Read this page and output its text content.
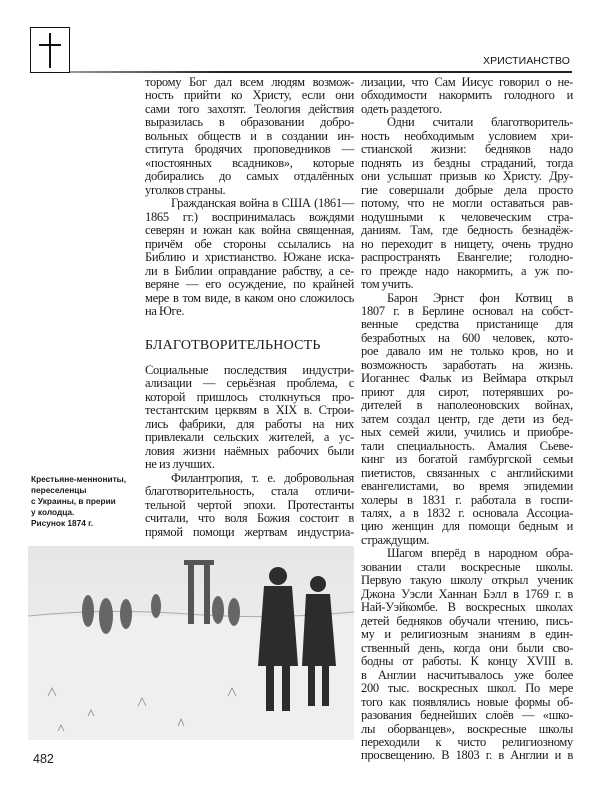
ХРИСТИАНСТВО
торому Бог дал всем людям возмож-
ность прийти ко Христу, если они
сами того захотят. Теология действия
выразилась в образовании добро-
вольных обществ и в создании ин-
ститута бродячих проповедников —
«постоянных всадников», которые
добирались до самых отдалённых
уголков страны.
Гражданская война в США (1861—
1865 гг.) воспринималась вождями
северян и южан как война священная,
причём обе стороны ссылались на
Библию и христианство. Южане иска-
ли в Библии оправдание рабству, а се-
веряне — его осуждение, по крайней
мере в том виде, в каком оно сложилось
на Юге.
БЛАГОТВОРИТЕЛЬНОСТЬ
Социальные последствия индустри-
ализации — серьёзная проблема, с
которой пришлось столкнуться про-
тестантским церквям в XIX в. Строи-
лись фабрики, для работы на них
привлекали сельских жителей, а ус-
ловия жизни наёмных рабочих были
не из лучших.
Филантропия, т. е. добровольная
благотворительность, стала отличи-
тельной чертой эпохи. Протестанты
считали, что воля Божия состоит в
прямой помощи жертвам индустриа-
лизации, что Сам Иисус говорил о не-
обходимости накормить голодного и
одеть раздетого.
Одни считали благотворитель-
ность необходимым условием хри-
стианской жизни: бедняков надо
поднять из бездны страданий, тогда
они услышат призыв ко Христу. Дру-
гие совершали добрые дела просто
потому, что не могли оставаться рав-
нодушными к человеческим стра-
даниям. Там, где бедность безнадёж-
но переходит в нищету, очень трудно
распространять Евангелие; голодно-
го прежде надо накормить, а уж по-
том учить.
Барон Эрнст фон Котвиц в
1807 г. в Берлине основал на собст-
венные средства пристанище для
безработных на 600 человек, кото-
рое давало им не только кров, но и
возможность заработать на жизнь.
Иоганнес Фальк из Веймара открыл
приют для сирот, потерявших ро-
дителей в наполеоновских войнах,
затем создал центр, где дети из бед-
ных семей жили, учились и приобре-
тали специальность. Амалия Сьеве-
кинг из богатой гамбургской семьи
пиетистов, связанных с английскими
евангелистами, во время эпидемии
холеры в 1831 г. работала в госпи-
талях, а в 1832 г. основала Ассоциа-
цию женщин для помощи бедным и
страждущим.
Шагом вперёд в народном обра-
зовании стали воскресные школы.
Первую такую школу открыл ученик
Джона Уэсли Ханнан Бэлл в 1769 г. в
Най-Уэйкомбе. В воскресных школах
детей бедняков обучали чтению, пись-
му и религиозным знаниям в един-
ственный день, когда они были сво-
бодны от работы. К концу XVIII в.
в Англии насчитывалось уже более
200 тыс. воскресных школ. По мере
того как появлялись новые формы об-
разования беднейших слоёв — «шко-
лы оборванцев», воскресные школы
переходили к чисто религиозному
просвещению. В 1803 г. в Англии и в
Крестьяне-меннониты,
переселенцы
с Украины, в прерии
у колодца.
Рисунок 1874 г.
482
